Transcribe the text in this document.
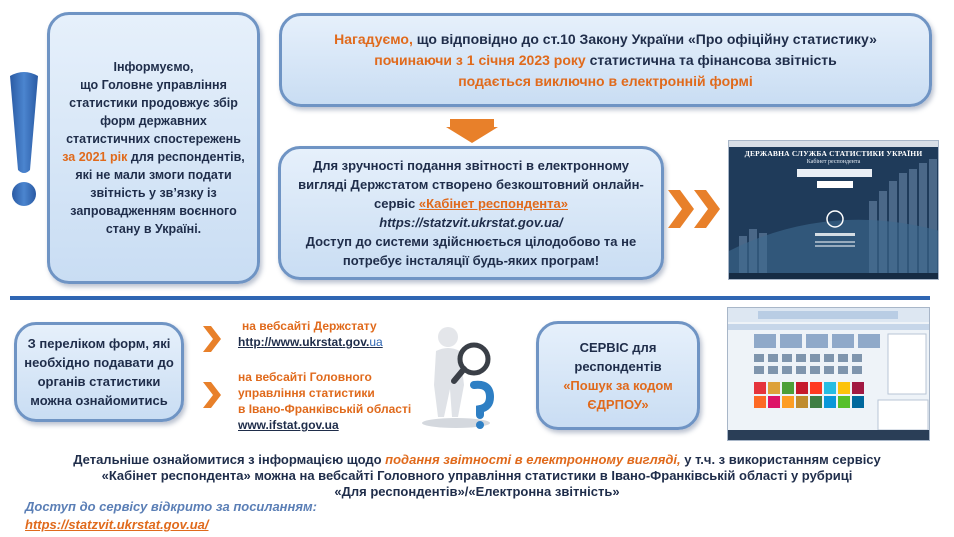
Інформуємо,
що Головне управління статистики продовжує збір форм державних статистичних спостережень за 2021 рік для респондентів, які не мали змоги подати звітність у зв’язку із запровадженням воєнного стану в Україні.
Нагадуємо, що відповідно до ст.10 Закону України «Про офіційну статистику»
починаючи з 1 січня 2023 року статистична та фінансова звітність
подається виключно в електронній формі
Для зручності подання звітності в електронному вигляді Держстатом створено безкоштовний онлайн-сервіс «Кабінет респондента»
https://statzvit.ukrstat.gov.ua/
Доступ до системи здійснюється цілодобово та не потребує інсталяції будь-яких програм!
ДЕРЖАВНА СЛУЖБА СТАТИСТИКИ УКРАЇНИ
Кабінет респондента
З переліком форм, які необхідно подавати до органів статистики можна ознайомитись
на вебсайті Держстату
http://www.ukrstat.gov.ua
на вебсайті Головного
управління статистики
в Івано-Франківській області
www.ifstat.gov.ua
СЕРВІС для респондентів
«Пошук за кодом ЄДРПОУ»
Детальніше ознайомитися з інформацією щодо подання звітності в електронному вигляді, у т.ч. з використанням сервісу
«Кабінет респондента» можна на вебсайті Головного управління статистики в Івано-Франківській області у рубриці
«Для респондентів»/«Електронна звітність»
Доступ до сервісу відкрито за посиланням:
https://statzvit.ukrstat.gov.ua/
